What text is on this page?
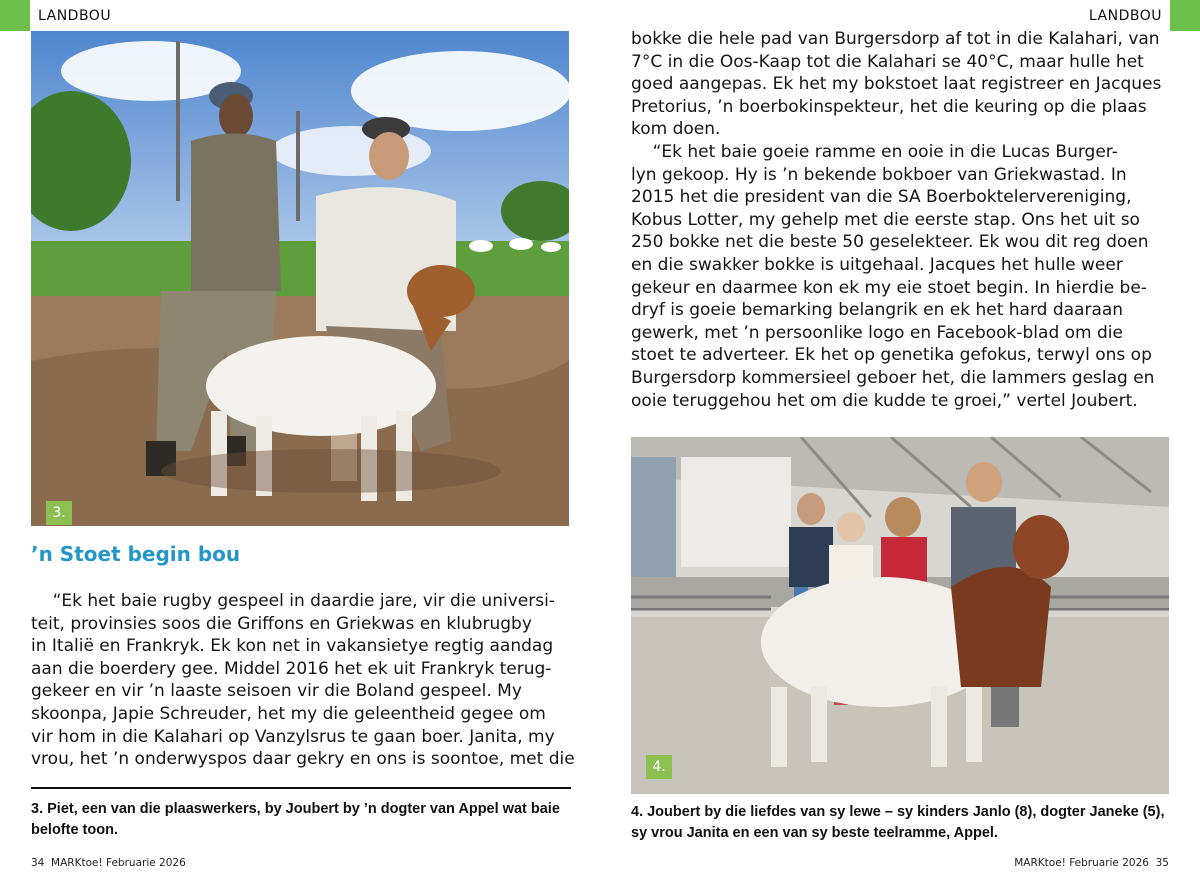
LANDBOU
3.
’n Stoet begin bou
“Ek het baie rugby gespeel in daardie jare, vir die universi-
teit, provinsies soos die Griffons en Griekwas en klubrugby
in Italië en Frankryk. Ek kon net in vakansietye regtig aandag
aan die boerdery gee. Middel 2016 het ek uit Frankryk terug-
gekeer en vir ’n laaste seisoen vir die Boland gespeel. My
skoonpa, Japie Schreuder, het my die geleentheid gegee om
vir hom in die Kalahari op Vanzylsrus te gaan boer. Janita, my
vrou, het ’n onderwyspos daar gekry en ons is soontoe, met die
3. Piet, een van die plaaswerkers, by Joubert by ’n dogter van Appel wat baie
belofte toon.
34  MARKtoe! Februarie 2026
LANDBOU
bokke die hele pad van Burgersdorp af tot in die Kalahari, van
7°C in die Oos-Kaap tot die Kalahari se 40°C, maar hulle het
goed aangepas. Ek het my bokstoet laat registreer en Jacques
Pretorius, ’n boerbokinspekteur, het die keuring op die plaas
kom doen.
“Ek het baie goeie ramme en ooie in die Lucas Burger-
lyn gekoop. Hy is ’n bekende bokboer van Griekwastad. In
2015 het die president van die SA Boerboktelervereniging,
Kobus Lotter, my gehelp met die eerste stap. Ons het uit so
250 bokke net die beste 50 geselekteer. Ek wou dit reg doen
en die swakker bokke is uitgehaal. Jacques het hulle weer
gekeur en daarmee kon ek my eie stoet begin. In hierdie be-
dryf is goeie bemarking belangrik en ek het hard daaraan
gewerk, met ’n persoonlike logo en Facebook-blad om die
stoet te adverteer. Ek het op genetika gefokus, terwyl ons op
Burgersdorp kommersieel geboer het, die lammers geslag en
ooie teruggehou het om die kudde te groei,” vertel Joubert.
4.
4. Joubert by die liefdes van sy lewe – sy kinders Janlo (8), dogter Janeke (5),
sy vrou Janita en een van sy beste teelramme, Appel.
MARKtoe! Februarie 2026  35
